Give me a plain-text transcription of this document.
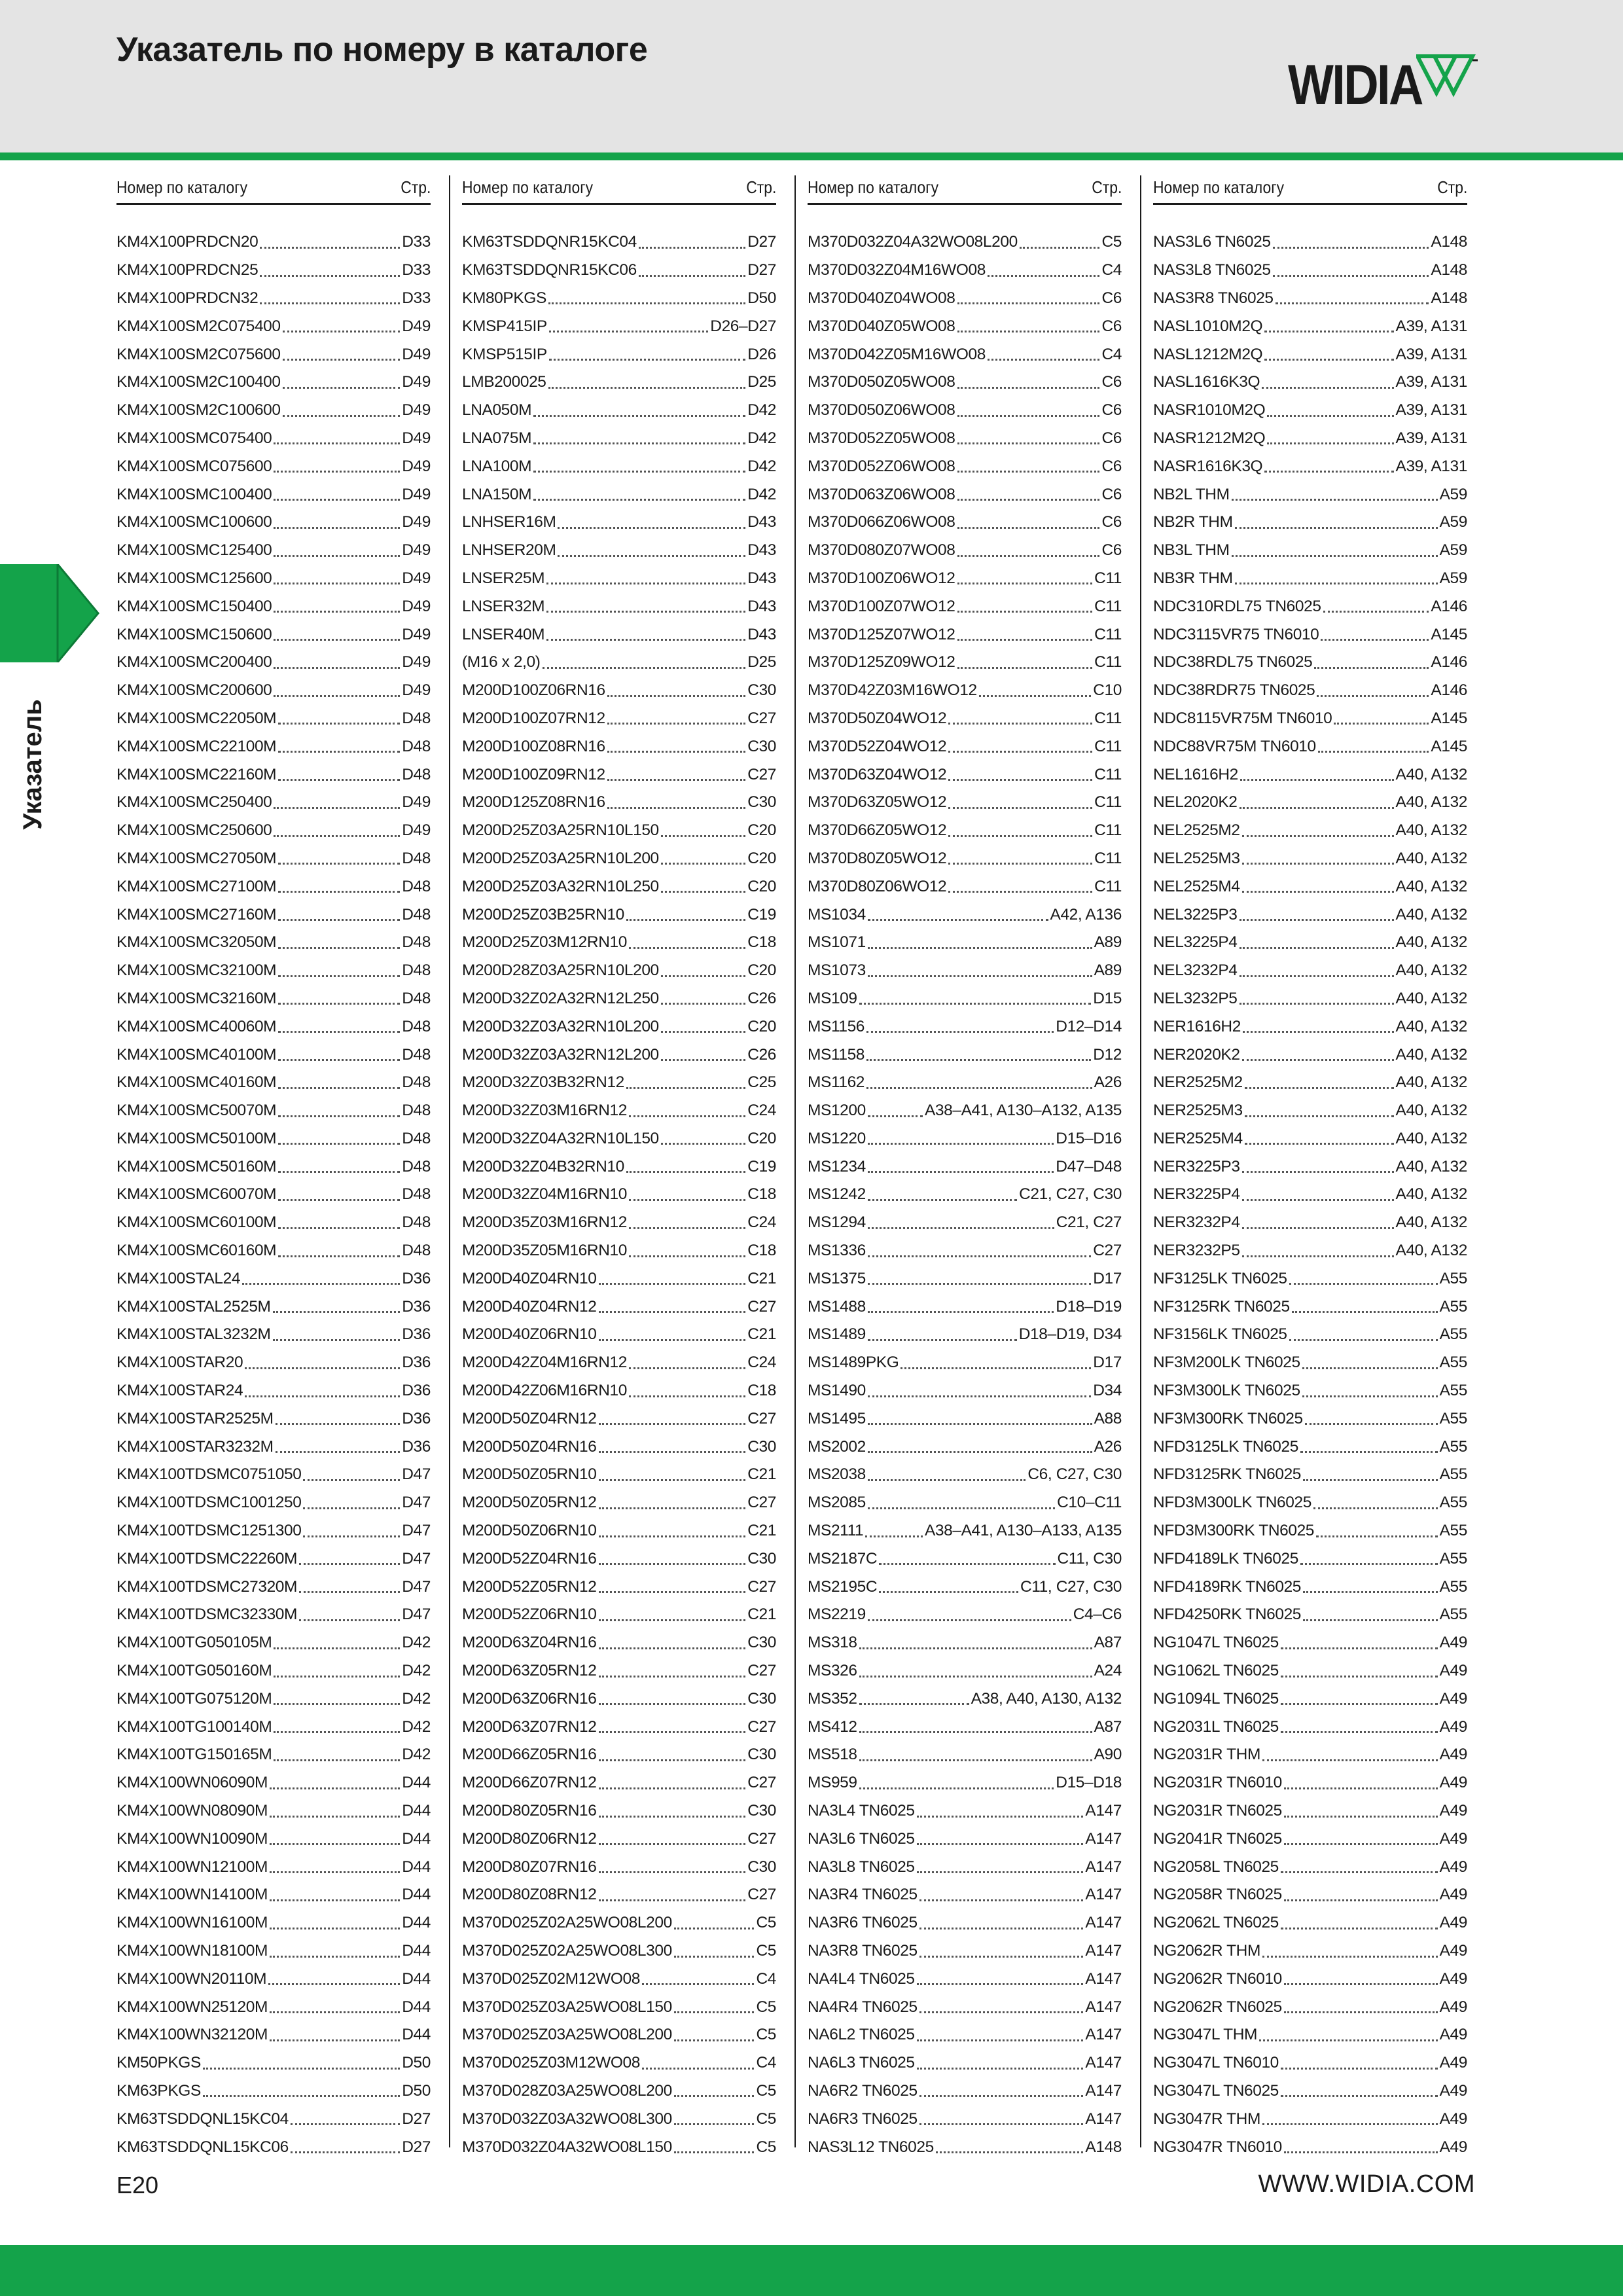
Указатель по номеру в каталоге
WIDIA
Указатель
Номер по каталогу	Стр.
KM4X100PRDCN20	D33
KM4X100PRDCN25	D33
KM4X100PRDCN32	D33
KM4X100SM2C075400	D49
KM4X100SM2C075600	D49
KM4X100SM2C100400	D49
KM4X100SM2C100600	D49
KM4X100SMC075400	D49
KM4X100SMC075600	D49
KM4X100SMC100400	D49
KM4X100SMC100600	D49
KM4X100SMC125400	D49
KM4X100SMC125600	D49
KM4X100SMC150400	D49
KM4X100SMC150600	D49
KM4X100SMC200400	D49
KM4X100SMC200600	D49
KM4X100SMC22050M	D48
KM4X100SMC22100M	D48
KM4X100SMC22160M	D48
KM4X100SMC250400	D49
KM4X100SMC250600	D49
KM4X100SMC27050M	D48
KM4X100SMC27100M	D48
KM4X100SMC27160M	D48
KM4X100SMC32050M	D48
KM4X100SMC32100M	D48
KM4X100SMC32160M	D48
KM4X100SMC40060M	D48
KM4X100SMC40100M	D48
KM4X100SMC40160M	D48
KM4X100SMC50070M	D48
KM4X100SMC50100M	D48
KM4X100SMC50160M	D48
KM4X100SMC60070M	D48
KM4X100SMC60100M	D48
KM4X100SMC60160M	D48
KM4X100STAL24	D36
KM4X100STAL2525M	D36
KM4X100STAL3232M	D36
KM4X100STAR20	D36
KM4X100STAR24	D36
KM4X100STAR2525M	D36
KM4X100STAR3232M	D36
KM4X100TDSMC0751050	D47
KM4X100TDSMC1001250	D47
KM4X100TDSMC1251300	D47
KM4X100TDSMC22260M	D47
KM4X100TDSMC27320M	D47
KM4X100TDSMC32330M	D47
KM4X100TG050105M	D42
KM4X100TG050160M	D42
KM4X100TG075120M	D42
KM4X100TG100140M	D42
KM4X100TG150165M	D42
KM4X100WN06090M	D44
KM4X100WN08090M	D44
KM4X100WN10090M	D44
KM4X100WN12100M	D44
KM4X100WN14100M	D44
KM4X100WN16100M	D44
KM4X100WN18100M	D44
KM4X100WN20110M	D44
KM4X100WN25120M	D44
KM4X100WN32120M	D44
KM50PKGS	D50
KM63PKGS	D50
KM63TSDDQNL15KC04	D27
KM63TSDDQNL15KC06	D27
Номер по каталогу	Стр.
KM63TSDDQNR15KC04	D27
KM63TSDDQNR15KC06	D27
KM80PKGS	D50
KMSP415IP	D26–D27
KMSP515IP	D26
LMB200025	D25
LNA050M	D42
LNA075M	D42
LNA100M	D42
LNA150M	D42
LNHSER16M	D43
LNHSER20M	D43
LNSER25M	D43
LNSER32M	D43
LNSER40M	D43
(M16 x 2,0)	D25
M200D100Z06RN16	C30
M200D100Z07RN12	C27
M200D100Z08RN16	C30
M200D100Z09RN12	C27
M200D125Z08RN16	C30
M200D25Z03A25RN10L150	C20
M200D25Z03A25RN10L200	C20
M200D25Z03A32RN10L250	C20
M200D25Z03B25RN10	C19
M200D25Z03M12RN10	C18
M200D28Z03A25RN10L200	C20
M200D32Z02A32RN12L250	C26
M200D32Z03A32RN10L200	C20
M200D32Z03A32RN12L200	C26
M200D32Z03B32RN12	C25
M200D32Z03M16RN12	C24
M200D32Z04A32RN10L150	C20
M200D32Z04B32RN10	C19
M200D32Z04M16RN10	C18
M200D35Z03M16RN12	C24
M200D35Z05M16RN10	C18
M200D40Z04RN10	C21
M200D40Z04RN12	C27
M200D40Z06RN10	C21
M200D42Z04M16RN12	C24
M200D42Z06M16RN10	C18
M200D50Z04RN12	C27
M200D50Z04RN16	C30
M200D50Z05RN10	C21
M200D50Z05RN12	C27
M200D50Z06RN10	C21
M200D52Z04RN16	C30
M200D52Z05RN12	C27
M200D52Z06RN10	C21
M200D63Z04RN16	C30
M200D63Z05RN12	C27
M200D63Z06RN16	C30
M200D63Z07RN12	C27
M200D66Z05RN16	C30
M200D66Z07RN12	C27
M200D80Z05RN16	C30
M200D80Z06RN12	C27
M200D80Z07RN16	C30
M200D80Z08RN12	C27
M370D025Z02A25WO08L200	C5
M370D025Z02A25WO08L300	C5
M370D025Z02M12WO08	C4
M370D025Z03A25WO08L150	C5
M370D025Z03A25WO08L200	C5
M370D025Z03M12WO08	C4
M370D028Z03A25WO08L200	C5
M370D032Z03A32WO08L300	C5
M370D032Z04A32WO08L150	C5
Номер по каталогу	Стр.
M370D032Z04A32WO08L200	C5
M370D032Z04M16WO08	C4
M370D040Z04WO08	C6
M370D040Z05WO08	C6
M370D042Z05M16WO08	C4
M370D050Z05WO08	C6
M370D050Z06WO08	C6
M370D052Z05WO08	C6
M370D052Z06WO08	C6
M370D063Z06WO08	C6
M370D066Z06WO08	C6
M370D080Z07WO08	C6
M370D100Z06WO12	C11
M370D100Z07WO12	C11
M370D125Z07WO12	C11
M370D125Z09WO12	C11
M370D42Z03M16WO12	C10
M370D50Z04WO12	C11
M370D52Z04WO12	C11
M370D63Z04WO12	C11
M370D63Z05WO12	C11
M370D66Z05WO12	C11
M370D80Z05WO12	C11
M370D80Z06WO12	C11
MS1034	A42, A136
MS1071	A89
MS1073	A89
MS109	D15
MS1156	D12–D14
MS1158	D12
MS1162	A26
MS1200	A38–A41, A130–A132, A135
MS1220	D15–D16
MS1234	D47–D48
MS1242	C21, C27, C30
MS1294	C21, C27
MS1336	C27
MS1375	D17
MS1488	D18–D19
MS1489	D18–D19, D34
MS1489PKG	D17
MS1490	D34
MS1495	A88
MS2002	A26
MS2038	C6, C27, C30
MS2085	C10–C11
MS2111	A38–A41, A130–A133, A135
MS2187C	C11, C30
MS2195C	C11, C27, C30
MS2219	C4–C6
MS318	A87
MS326	A24
MS352	A38, A40, A130, A132
MS412	A87
MS518	A90
MS959	D15–D18
NA3L4 TN6025	A147
NA3L6 TN6025	A147
NA3L8 TN6025	A147
NA3R4 TN6025	A147
NA3R6 TN6025	A147
NA3R8 TN6025	A147
NA4L4 TN6025	A147
NA4R4 TN6025	A147
NA6L2 TN6025	A147
NA6L3 TN6025	A147
NA6R2 TN6025	A147
NA6R3 TN6025	A147
NAS3L12 TN6025	A148
Номер по каталогу	Стр.
NAS3L6 TN6025	A148
NAS3L8 TN6025	A148
NAS3R8 TN6025	A148
NASL1010M2Q	A39, A131
NASL1212M2Q	A39, A131
NASL1616K3Q	A39, A131
NASR1010M2Q	A39, A131
NASR1212M2Q	A39, A131
NASR1616K3Q	A39, A131
NB2L THM	A59
NB2R THM	A59
NB3L THM	A59
NB3R THM	A59
NDC310RDL75 TN6025	A146
NDC3115VR75 TN6010	A145
NDC38RDL75 TN6025	A146
NDC38RDR75 TN6025	A146
NDC8115VR75M TN6010	A145
NDC88VR75M TN6010	A145
NEL1616H2	A40, A132
NEL2020K2	A40, A132
NEL2525M2	A40, A132
NEL2525M3	A40, A132
NEL2525M4	A40, A132
NEL3225P3	A40, A132
NEL3225P4	A40, A132
NEL3232P4	A40, A132
NEL3232P5	A40, A132
NER1616H2	A40, A132
NER2020K2	A40, A132
NER2525M2	A40, A132
NER2525M3	A40, A132
NER2525M4	A40, A132
NER3225P3	A40, A132
NER3225P4	A40, A132
NER3232P4	A40, A132
NER3232P5	A40, A132
NF3125LK TN6025	A55
NF3125RK TN6025	A55
NF3156LK TN6025	A55
NF3M200LK TN6025	A55
NF3M300LK TN6025	A55
NF3M300RK TN6025	A55
NFD3125LK TN6025	A55
NFD3125RK TN6025	A55
NFD3M300LK TN6025	A55
NFD3M300RK TN6025	A55
NFD4189LK TN6025	A55
NFD4189RK TN6025	A55
NFD4250RK TN6025	A55
NG1047L TN6025	A49
NG1062L TN6025	A49
NG1094L TN6025	A49
NG2031L TN6025	A49
NG2031R THM	A49
NG2031R TN6010	A49
NG2031R TN6025	A49
NG2041R TN6025	A49
NG2058L TN6025	A49
NG2058R TN6025	A49
NG2062L TN6025	A49
NG2062R THM	A49
NG2062R TN6010	A49
NG2062R TN6025	A49
NG3047L THM	A49
NG3047L TN6010	A49
NG3047L TN6025	A49
NG3047R THM	A49
NG3047R TN6010	A49
E20	WWW.WIDIA.COM
